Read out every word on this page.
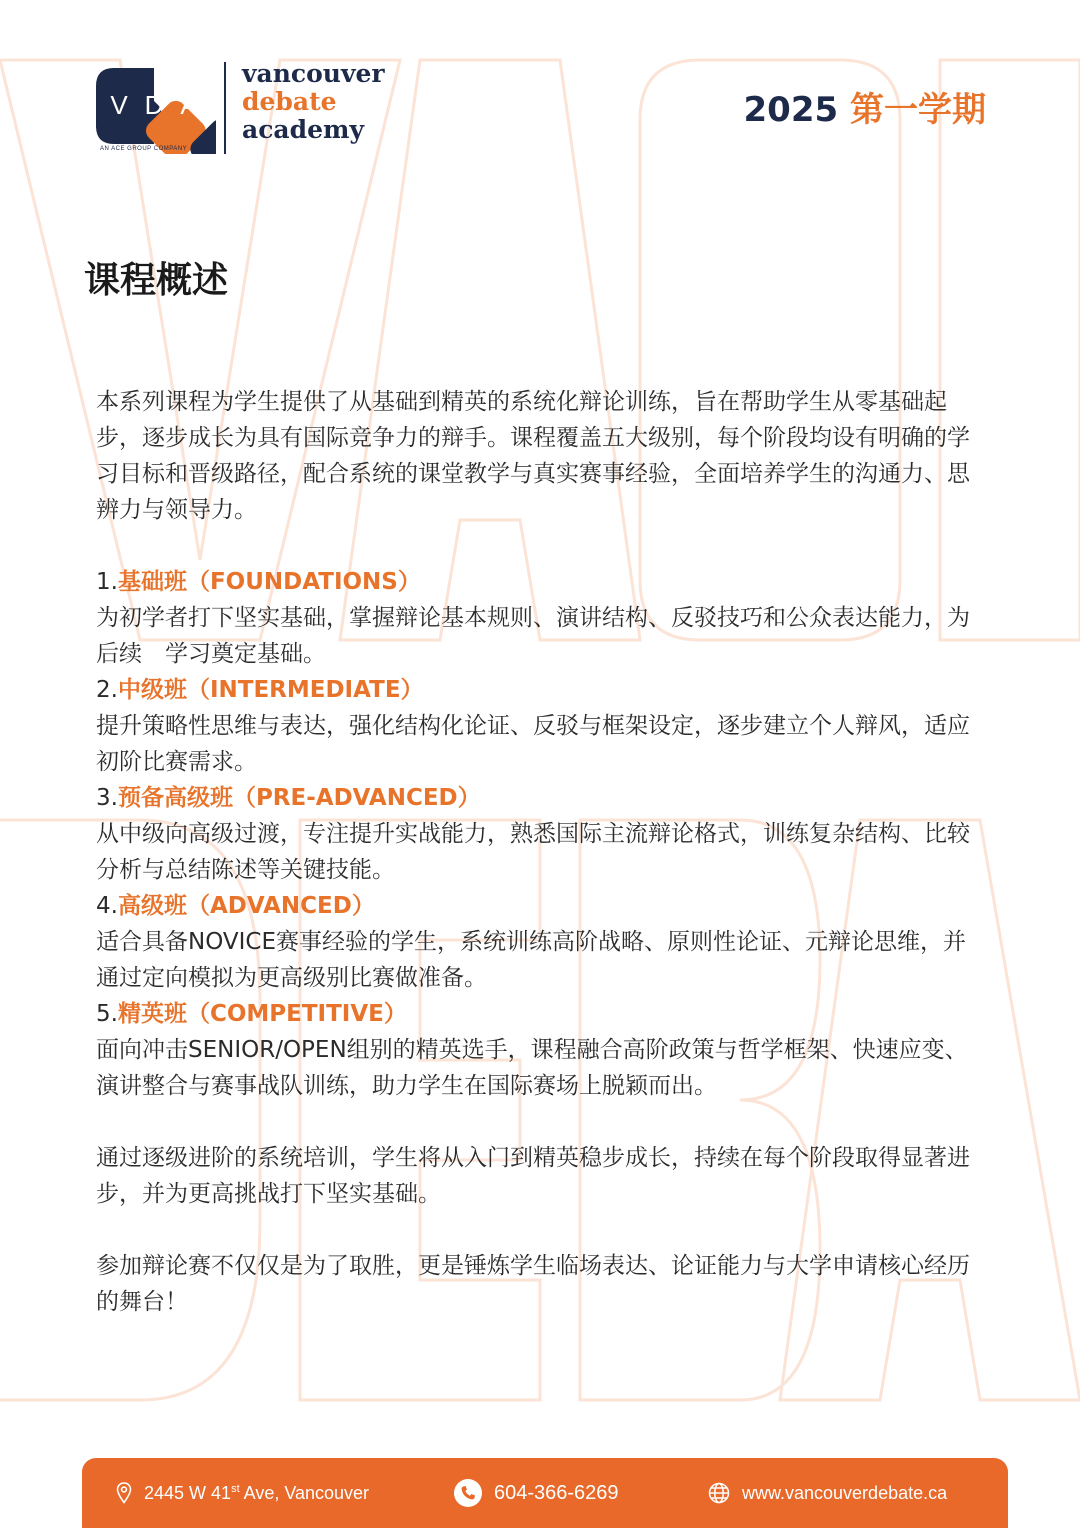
V D A
AN ACE GROUP COMPANY
vancouver
debate
academy	2025 第一学期
课程概述

本系列课程为学生提供了从基础到精英的系统化辩论训练，旨在帮助学生从零基础起步，逐步成长为具有国际竞争力的辩手。课程覆盖五大级别，每个阶段均设有明确的学习目标和晋级路径，配合系统的课堂教学与真实赛事经验，全面培养学生的沟通力、思辨力与领导力。

1.基础班（FOUNDATIONS）

为初学者打下坚实基础，掌握辩论基本规则、演讲结构、反驳技巧和公众表达能力，为后续　学习奠定基础。

2.中级班（INTERMEDIATE）

提升策略性思维与表达，强化结构化论证、反驳与框架设定，逐步建立个人辩风，适应初阶比赛需求。

3.预备高级班（PRE-ADVANCED）

从中级向高级过渡，专注提升实战能力，熟悉国际主流辩论格式，训练复杂结构、比较分析与总结陈述等关键技能。

4.高级班（ADVANCED）

适合具备NOVICE赛事经验的学生，系统训练高阶战略、原则性论证、元辩论思维，并通过定向模拟为更高级别比赛做准备。

5.精英班（COMPETITIVE）

面向冲击SENIOR/OPEN组别的精英选手，课程融合高阶政策与哲学框架、快速应变、演讲整合与赛事战队训练，助力学生在国际赛场上脱颖而出。

通过逐级进阶的系统培训，学生将从入门到精英稳步成长，持续在每个阶段取得显著进步，并为更高挑战打下坚实基础。

参加辩论赛不仅仅是为了取胜，更是锤炼学生临场表达、论证能力与大学申请核心经历的舞台！

2445 W 41st Ave, Vancouver	604-366-6269	www.vancouverdebate.ca
